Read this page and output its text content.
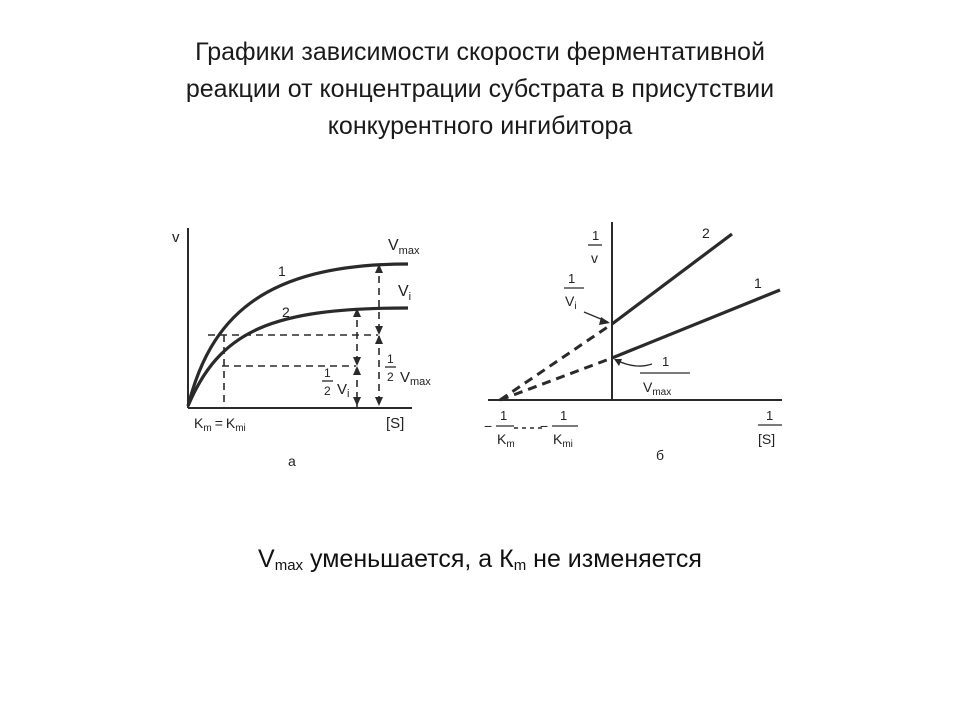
Графики зависимости скорости ферментативной
реакции от концентрации субстрата в присутствии
конкурентного ингибитора
v
[S]
1
2
$V_{max}$
$V_i$
1
2 $V_{max}$
1
2 $V_i$
$K_m = K_{mi}$
а
1
v
1
[S]
2
1
1
$V_i$
1
$V_{max}$
−
1
$K_m$
−
1
$K_{mi}$
б
$V_{max}$ уменьшается, а $К_m$ не изменяется
